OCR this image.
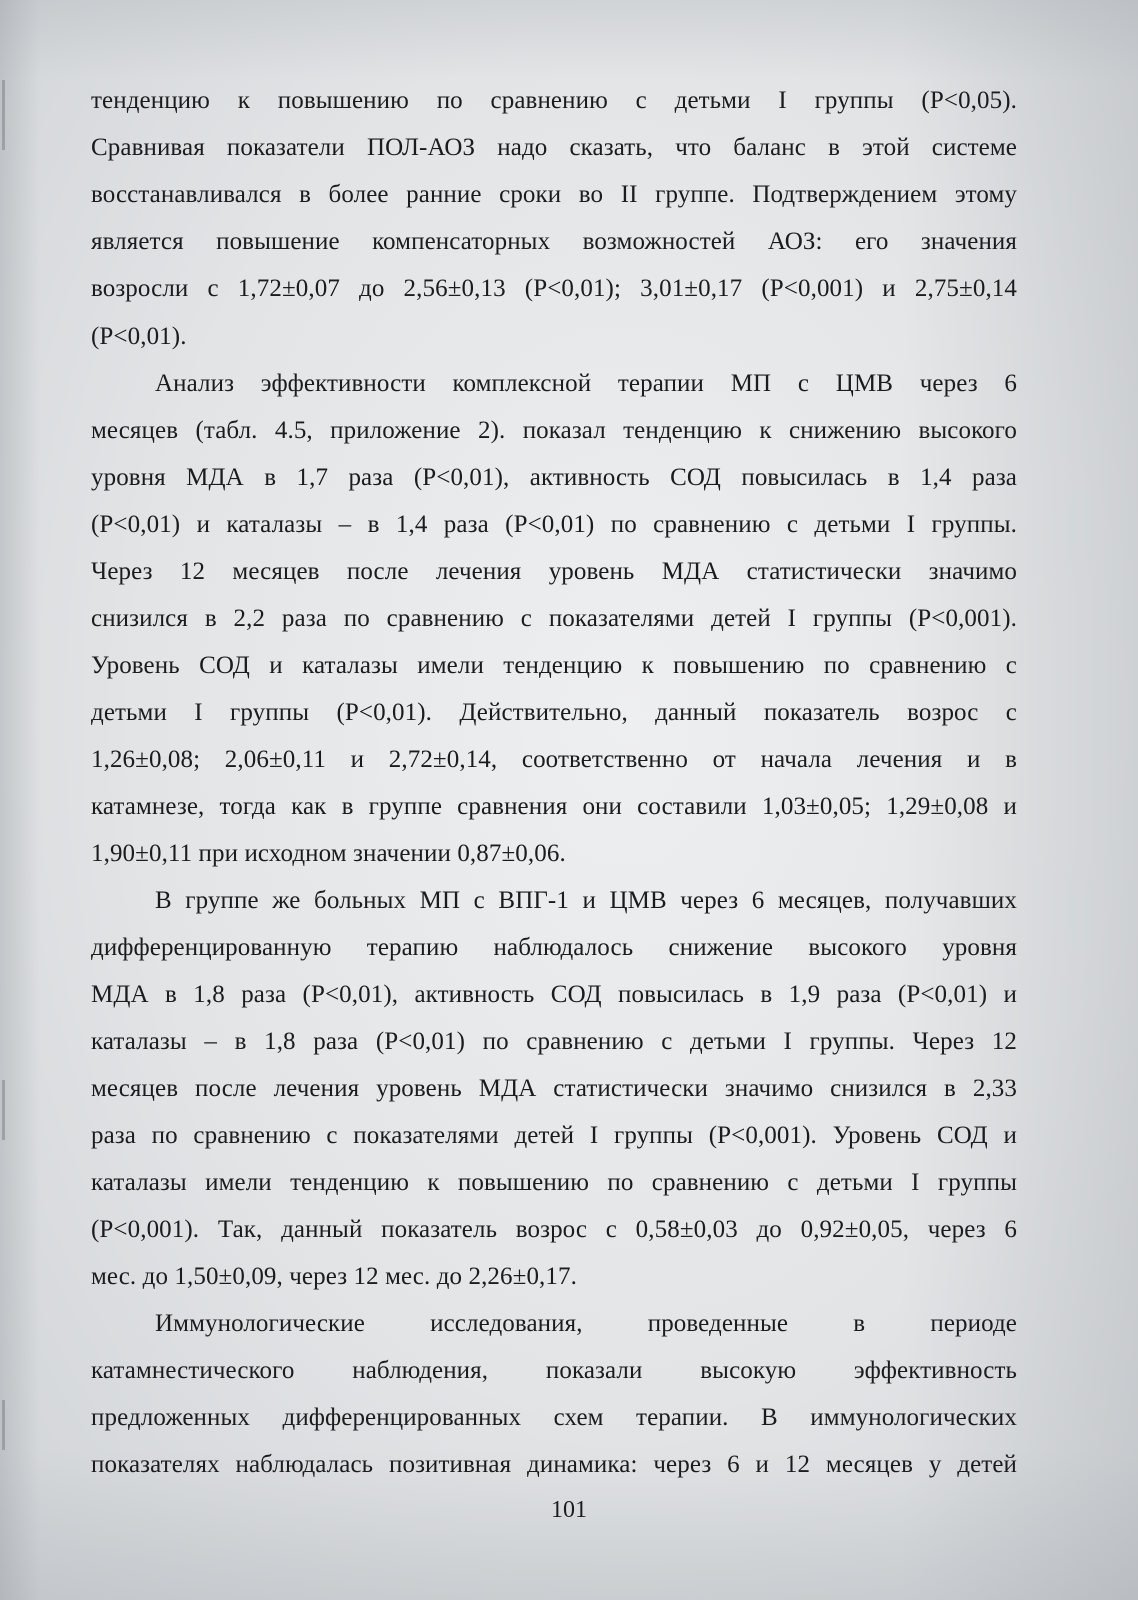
тенденцию к повышению по сравнению с детьми I группы (Р<0,05).
Сравнивая показатели ПОЛ-АОЗ надо сказать, что баланс в этой системе
восстанавливался в более ранние сроки во II группе. Подтверждением этому
является повышение компенсаторных возможностей АОЗ: его значения
возросли с 1,72±0,07 до 2,56±0,13 (Р<0,01); 3,01±0,17 (Р<0,001) и 2,75±0,14
(Р<0,01).
Анализ эффективности комплексной терапии МП с ЦМВ через 6
месяцев (табл. 4.5, приложение 2). показал тенденцию к снижению высокого
уровня МДА в 1,7 раза (Р<0,01), активность СОД повысилась в 1,4 раза
(Р<0,01) и каталазы – в 1,4 раза (Р<0,01) по сравнению с детьми I группы.
Через 12 месяцев после лечения уровень МДА статистически значимо
снизился в 2,2 раза по сравнению с показателями детей I группы (Р<0,001).
Уровень СОД и каталазы имели тенденцию к повышению по сравнению с
детьми I группы (Р<0,01). Действительно, данный показатель возрос с
1,26±0,08; 2,06±0,11 и 2,72±0,14, соответственно от начала лечения и в
катамнезе, тогда как в группе сравнения они составили 1,03±0,05; 1,29±0,08 и
1,90±0,11 при исходном значении 0,87±0,06.
В группе же больных МП с ВПГ-1 и ЦМВ через 6 месяцев, получавших
дифференцированную терапию наблюдалось снижение высокого уровня
МДА в 1,8 раза (Р<0,01), активность СОД повысилась в 1,9 раза (Р<0,01) и
каталазы – в 1,8 раза (Р<0,01) по сравнению с детьми I группы. Через 12
месяцев после лечения уровень МДА статистически значимо снизился в 2,33
раза по сравнению с показателями детей I группы (Р<0,001). Уровень СОД и
каталазы имели тенденцию к повышению по сравнению с детьми I группы
(Р<0,001). Так, данный показатель возрос с 0,58±0,03 до 0,92±0,05, через 6
мес. до 1,50±0,09, через 12 мес. до 2,26±0,17.
Иммунологические исследования, проведенные в периоде
катамнестического наблюдения, показали высокую эффективность
предложенных дифференцированных схем терапии. В иммунологических
показателях наблюдалась позитивная динамика: через 6 и 12 месяцев у детей
101
